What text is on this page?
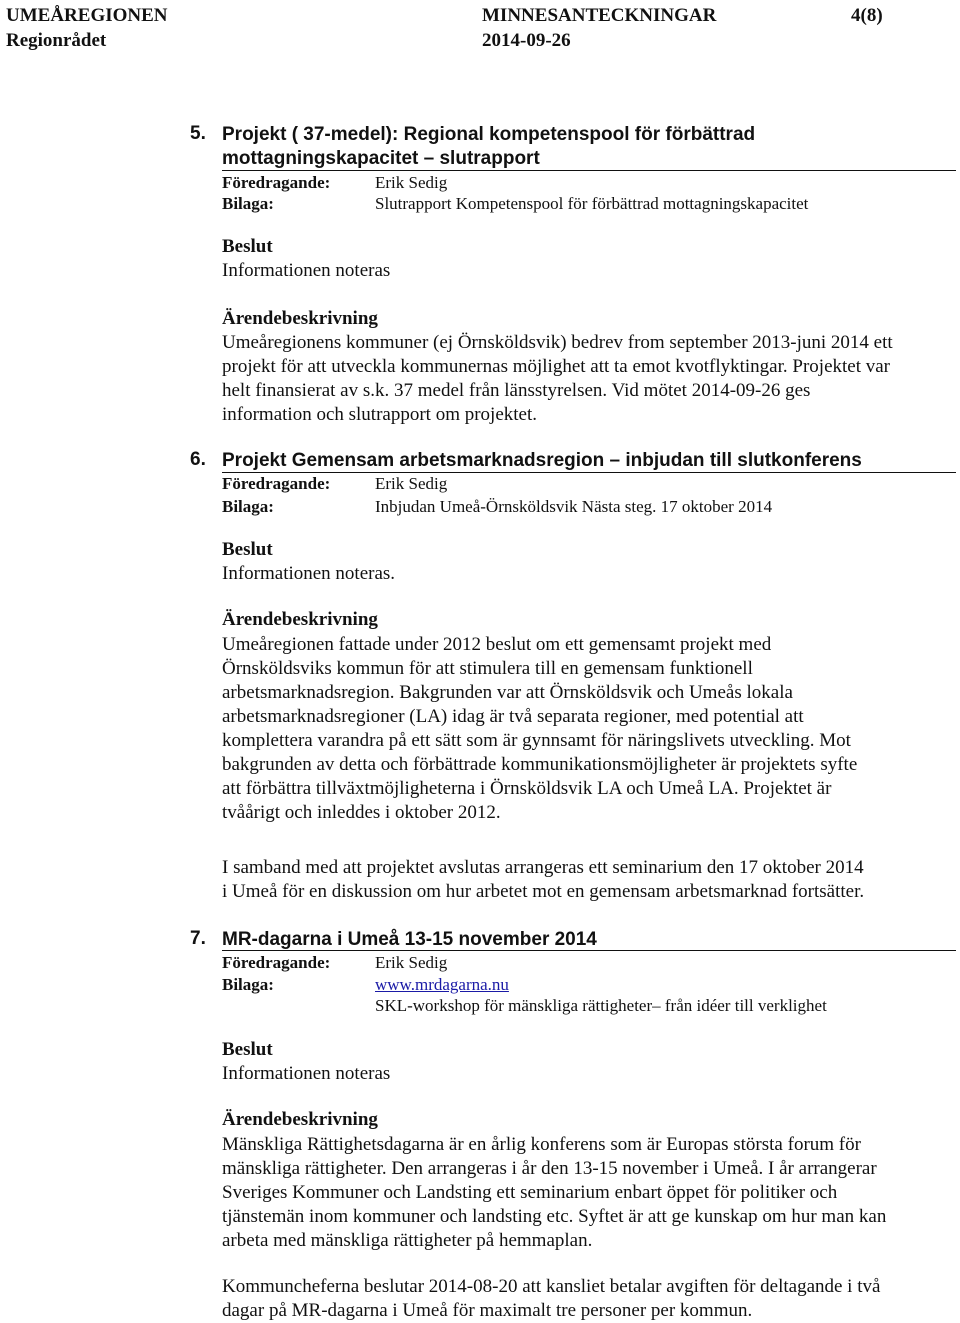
UMEÅREGIONEN	MINNESANTECKNINGAR	4(8)
Regionrådet	2014-09-26
5. Projekt ( 37-medel): Regional kompetenspool för förbättrad
mottagningskapacitet – slutrapport
Föredragande:	Erik Sedig
Bilaga:	Slutrapport Kompetenspool för förbättrad mottagningskapacitet
Beslut
Informationen noteras
Ärendebeskrivning
Umeåregionens kommuner (ej Örnsköldsvik) bedrev from september 2013-juni 2014 ett
projekt för att utveckla kommunernas möjlighet att ta emot kvotflyktingar. Projektet var
helt finansierat av s.k. 37 medel från länsstyrelsen. Vid mötet 2014-09-26 ges
information och slutrapport om projektet.
6. Projekt Gemensam arbetsmarknadsregion – inbjudan till slutkonferens
Föredragande:	Erik Sedig
Bilaga:	Inbjudan Umeå-Örnsköldsvik Nästa steg. 17 oktober 2014
Beslut
Informationen noteras.
Ärendebeskrivning
Umeåregionen fattade under 2012 beslut om ett gemensamt projekt med
Örnsköldsviks kommun för att stimulera till en gemensam funktionell
arbetsmarknadsregion. Bakgrunden var att Örnsköldsvik och Umeås lokala
arbetsmarknadsregioner (LA) idag är två separata regioner, med potential att
komplettera varandra på ett sätt som är gynnsamt för näringslivets utveckling. Mot
bakgrunden av detta och förbättrade kommunikationsmöjligheter är projektets syfte
att förbättra tillväxtmöjligheterna i Örnsköldsvik LA och Umeå LA. Projektet är
tvåårigt och inleddes i oktober 2012.
I samband med att projektet avslutas arrangeras ett seminarium den 17 oktober 2014
i Umeå för en diskussion om hur arbetet mot en gemensam arbetsmarknad fortsätter.
7. MR-dagarna i Umeå 13-15 november 2014
Föredragande:	Erik Sedig
Bilaga:	www.mrdagarna.nu
SKL-workshop för mänskliga rättigheter– från idéer till verklighet
Beslut
Informationen noteras
Ärendebeskrivning
Mänskliga Rättighetsdagarna är en årlig konferens som är Europas största forum för
mänskliga rättigheter. Den arrangeras i år den 13-15 november i Umeå. I år arrangerar
Sveriges Kommuner och Landsting ett seminarium enbart öppet för politiker och
tjänstemän inom kommuner och landsting etc. Syftet är att ge kunskap om hur man kan
arbeta med mänskliga rättigheter på hemmaplan.
Kommuncheferna beslutar 2014-08-20 att kansliet betalar avgiften för deltagande i två
dagar på MR-dagarna i Umeå för maximalt tre personer per kommun.
